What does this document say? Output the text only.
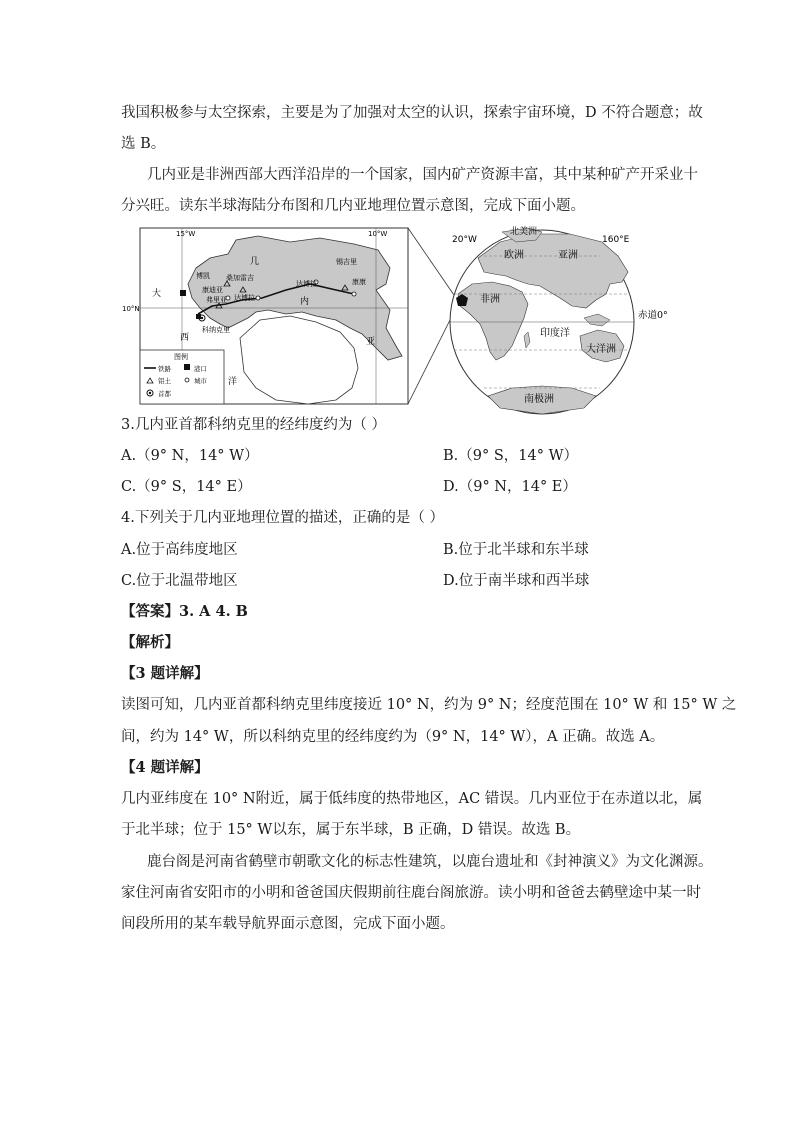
我国积极参与太空探索，主要是为了加强对太空的认识，探索宇宙环境，D 不符合题意；故
选 B。
几内亚是非洲西部大西洋沿岸的一个国家，国内矿产资源丰富，其中某种矿产开采业十
分兴旺。读东半球海陆分布图和几内亚地理位置示意图，完成下面小题。
15°W	10°W
10°N
几
内
亚
大
西
洋
博凯 桑加雷吉
康迪亚
弗里亚 达博拉
康康
锡吉里
达博拉
科纳克里
图例
铁路	港口
铝土	城市
首都
20°W	160°E
北美洲
欧洲	亚洲
非洲
印度洋
大洋洲
南极洲
赤道0°
3.几内亚首都科纳克里的经纬度约为（ ）
A.（9° N，14° W）	B.（9° S，14° W）
C.（9° S，14° E）	D.（9° N，14° E）
4.下列关于几内亚地理位置的描述，正确的是（ ）
A.位于高纬度地区	B.位于北半球和东半球
C.位于北温带地区	D.位于南半球和西半球
【答案】3. A 4. B
【解析】
【3 题详解】
读图可知，几内亚首都科纳克里纬度接近 10° N，约为 9° N；经度范围在 10° W 和 15° W 之
间，约为 14° W，所以科纳克里的经纬度约为（9° N，14° W），A 正确。故选 A。
【4 题详解】
几内亚纬度在 10° N附近，属于低纬度的热带地区，AC 错误。几内亚位于在赤道以北，属
于北半球；位于 15° W以东，属于东半球，B 正确，D 错误。故选 B。
鹿台阁是河南省鹤壁市朝歌文化的标志性建筑，以鹿台遗址和《封神演义》为文化渊源。
家住河南省安阳市的小明和爸爸国庆假期前往鹿台阁旅游。读小明和爸爸去鹤壁途中某一时
间段所用的某车载导航界面示意图，完成下面小题。
